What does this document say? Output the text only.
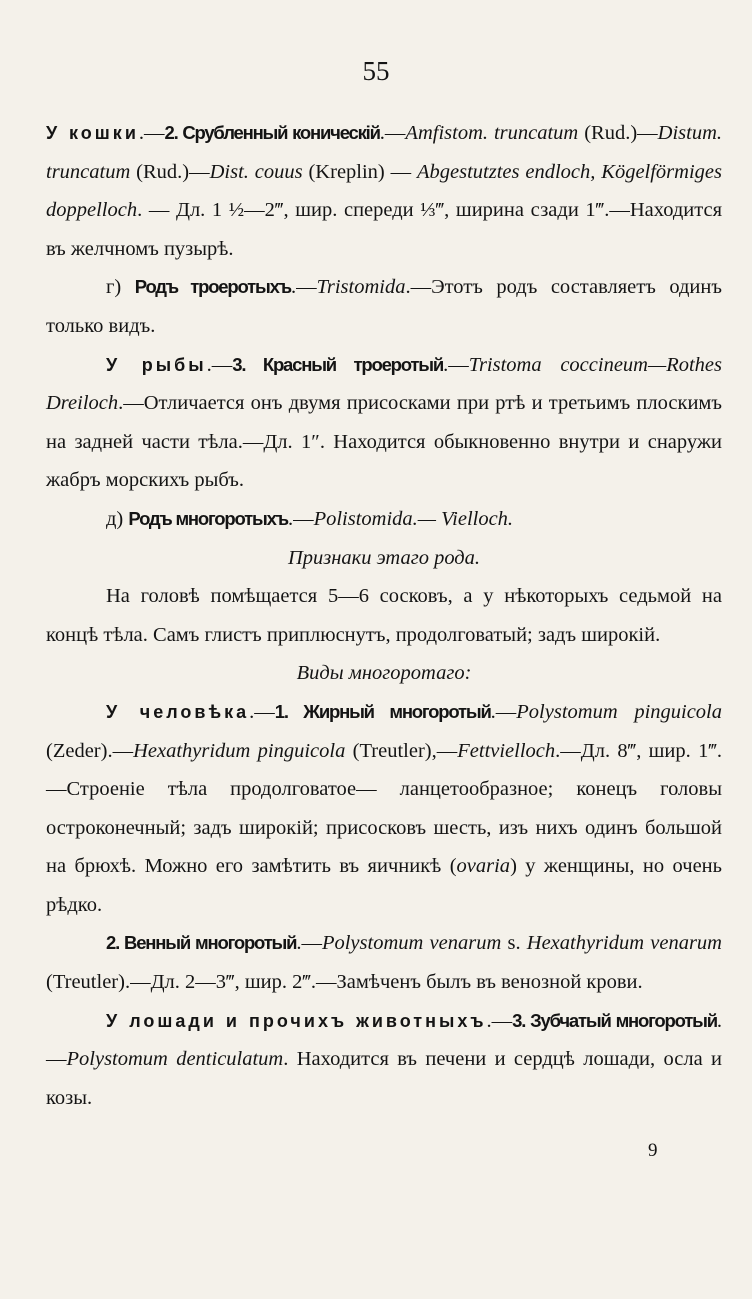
55

У кошки.—2. Срубленный коническiй.—Amfistom. truncatum (Rud.)—Distum. truncatum (Rud.)—Dist. couus (Kreplin) — Abgestutztes endloch, Kögelförmiges doppelloch. — Дл. 1 ½—2‴, шир. спереди ⅓‴, ширина сзади 1‴.—Находится въ желчномъ пузырѣ.

г) Родъ троеротыхъ.—Tristomida.—Этотъ родъ составляетъ одинъ только видъ.

У рыбы.—3. Красный троеротый.—Tristoma coccineum—Rothes Dreiloch.—Отличается онъ двумя присосками при ртѣ и третьимъ плоскимъ на задней части тѣла.—Дл. 1″. Находится обыкновенно внутри и снаружи жабръ морскихъ рыбъ.

д) Родъ многоротыхъ.—Polistomida.— Vielloch.

Признаки этаго рода.

На головѣ помѣщается 5—6 сосковъ, а у нѣкоторыхъ седьмой на концѣ тѣла. Самъ глистъ приплюснутъ, продолговатый; задъ широкiй.

Виды многоротаго:

У человѣка.—1. Жирный многоротый.—Polystomum pinguicola (Zeder).—Hexathyridum pinguicola (Treutler),—Fettvielloch.—Дл. 8‴, шир. 1‴.—Строенiе тѣла продолговатое— ланцетообразное; конецъ головы остроконечный; задъ широкiй; присосковъ шесть, изъ нихъ одинъ большой на брюхѣ. Можно его замѣтить въ яичникѣ (ovaria) у женщины, но очень рѣдко.

2. Венный многоротый.—Polystomum venarum s. Hexathyridum venarum (Treutler).—Дл. 2—3‴, шир. 2‴.—Замѣченъ былъ въ венозной крови.

У лошади и прочихъ животныхъ.—3. Зубчатый многоротый.—Polystomum denticulatum. Находится въ печени и сердцѣ лошади, осла и козы.

9
